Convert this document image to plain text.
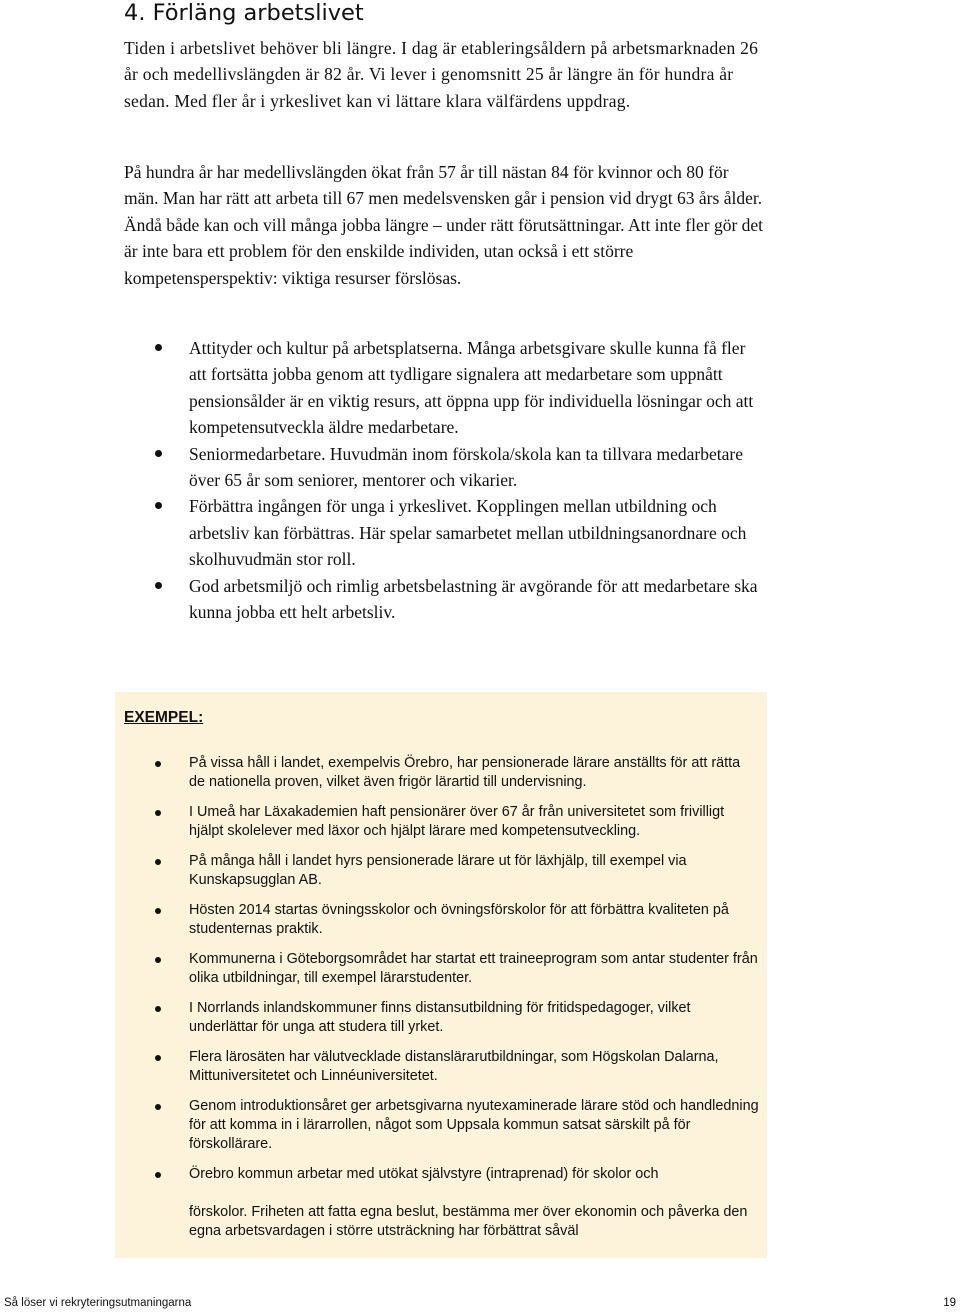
4. Förläng arbetslivet

Tiden i arbetslivet behöver bli längre. I dag är etableringsåldern på arbetsmarknaden 26 år och medellivslängden är 82 år. Vi lever i genomsnitt 25 år längre än för hundra år sedan. Med fler år i yrkeslivet kan vi lättare klara välfärdens uppdrag.

På hundra år har medellivslängden ökat från 57 år till nästan 84 för kvinnor och 80 för män. Man har rätt att arbeta till 67 men medelsvensken går i pension vid drygt 63 års ålder. Ändå både kan och vill många jobba längre – under rätt förutsättningar. Att inte fler gör det är inte bara ett problem för den enskilde individen, utan också i ett större kompetensperspektiv: viktiga resurser förslösas.

Attityder och kultur på arbetsplatserna. Många arbetsgivare skulle kunna få fler att fortsätta jobba genom att tydligare signalera att medarbetare som uppnått pensionsålder är en viktig resurs, att öppna upp för individuella lösningar och att kompetensutveckla äldre medarbetare.
Seniormedarbetare. Huvudmän inom förskola/skola kan ta tillvara medarbetare över 65 år som seniorer, mentorer och vikarier.
Förbättra ingången för unga i yrkeslivet. Kopplingen mellan utbildning och arbetsliv kan förbättras. Här spelar samarbetet mellan utbildningsanordnare och skolhuvudmän stor roll.
God arbetsmiljö och rimlig arbetsbelastning är avgörande för att medarbetare ska kunna jobba ett helt arbetsliv.
EXEMPEL:
På vissa håll i landet, exempelvis Örebro, har pensionerade lärare anställts för att rätta de nationella proven, vilket även frigör lärartid till undervisning.
I Umeå har Läxakademien haft pensionärer över 67 år från universitetet som frivilligt hjälpt skolelever med läxor och hjälpt lärare med kompetensutveckling.
På många håll i landet hyrs pensionerade lärare ut för läxhjälp, till exempel via Kunskapsugglan AB.
Hösten 2014 startas övningsskolor och övningsförskolor för att förbättra kvaliteten på studenternas praktik.
Kommunerna i Göteborgsområdet har startat ett traineeprogram som antar studenter från olika utbildningar, till exempel lärarstudenter.
I Norrlands inlandskommuner finns distansutbildning för fritidspedagoger, vilket underlättar för unga att studera till yrket.
Flera lärosäten har välutvecklade distanslärarutbildningar, som Högskolan Dalarna, Mittuniversitetet och Linnéuniversitetet.
Genom introduktionsåret ger arbetsgivarna nyutexaminerade lärare stöd och handledning för att komma in i lärarrollen, något som Uppsala kommun satsat särskilt på för förskollärare.
Örebro kommun arbetar med utökat självstyre (intraprenad) för skolor och
förskolor. Friheten att fatta egna beslut, bestämma mer över ekonomin och påverka den egna arbetsvardagen i större utsträckning har förbättrat såväl
Så löser vi rekryteringsutmaningarna	19
